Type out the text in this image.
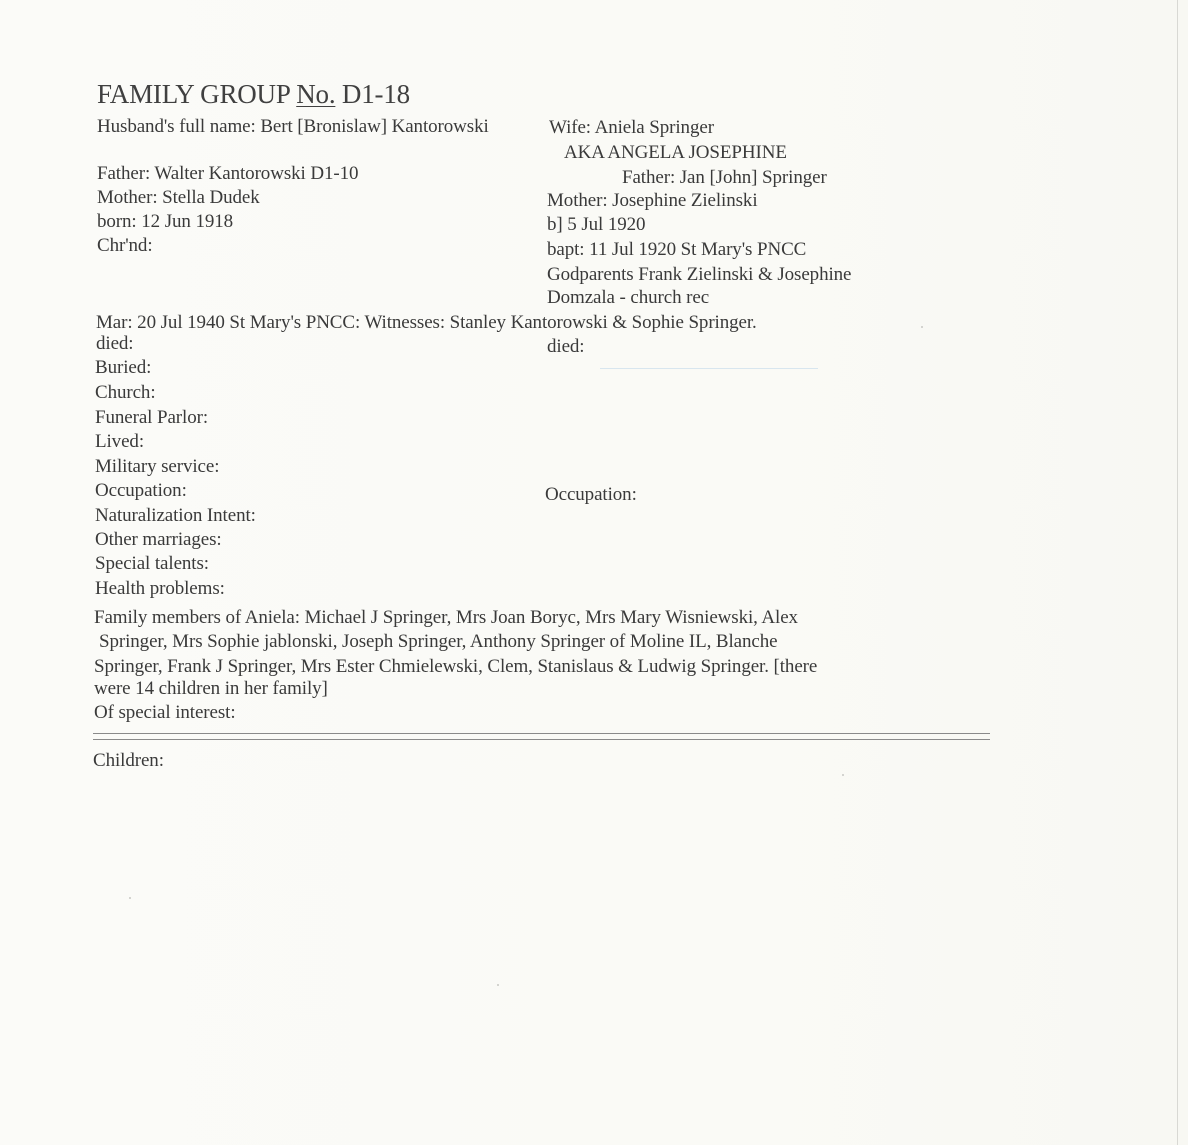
FAMILY GROUP No. D1-18
Husband's full name: Bert [Bronislaw] Kantorowski
Father: Walter Kantorowski D1-10
Mother: Stella Dudek
born: 12 Jun 1918
Chr'nd:
Wife: Aniela Springer
AKA ANGELA JOSEPHINE
Father: Jan [John] Springer
Mother: Josephine Zielinski
b] 5 Jul 1920
bapt: 11 Jul 1920 St Mary's PNCC
Godparents Frank Zielinski & Josephine
Domzala - church rec
Mar: 20 Jul 1940 St Mary's PNCC: Witnesses: Stanley Kantorowski & Sophie Springer.
died:	died:
Buried:
Church:
Funeral Parlor:
Lived:
Military service:
Occupation:	Occupation:
Naturalization Intent:
Other marriages:
Special talents:
Health problems:
Family members of Aniela: Michael J Springer, Mrs Joan Boryc, Mrs Mary Wisniewski, Alex
Springer, Mrs Sophie jablonski, Joseph Springer, Anthony Springer of Moline IL, Blanche
Springer, Frank J Springer, Mrs Ester Chmielewski, Clem, Stanislaus & Ludwig Springer. [there
were 14 children in her family]
Of special interest:
Children:
